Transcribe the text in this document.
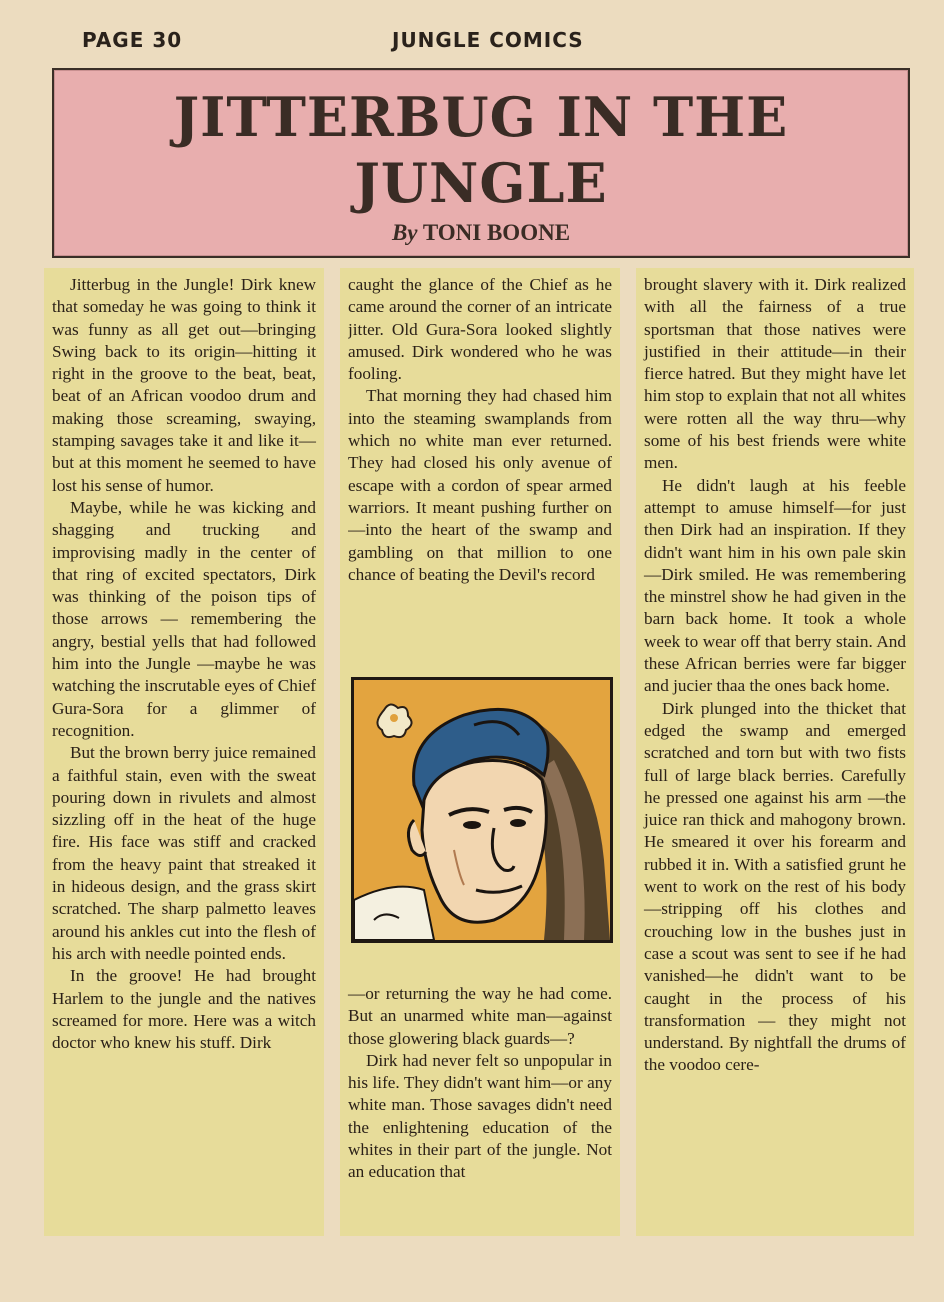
PAGE 30	JUNGLE COMICS
JITTERBUG IN THE
JUNGLE
By TONI BOONE

Jitterbug in the Jungle! Dirk knew that someday he was going to think it was funny as all get out—bringing Swing back to its origin—hitting it right in the groove to the beat, beat, beat of an African voodoo drum and making those screaming, swaying, stamping savages take it and like it—but at this moment he seemed to have lost his sense of humor.

Maybe, while he was kicking and shagging and trucking and improvising madly in the center of that ring of excited spectators, Dirk was thinking of the poison tips of those arrows — remembering the angry, bestial yells that had followed him into the Jungle —maybe he was watching the inscrutable eyes of Chief Gura-Sora for a glimmer of recognition.

But the brown berry juice remained a faithful stain, even with the sweat pouring down in rivulets and almost sizzling off in the heat of the huge fire. His face was stiff and cracked from the heavy paint that streaked it in hideous design, and the grass skirt scratched. The sharp palmetto leaves around his ankles cut into the flesh of his arch with needle pointed ends.

In the groove! He had brought Harlem to the jungle and the natives screamed for more. Here was a witch doctor who knew his stuff. Dirk

caught the glance of the Chief as he came around the corner of an intricate jitter. Old Gura-Sora looked slightly amused. Dirk wondered who he was fooling.

That morning they had chased him into the steaming swamplands from which no white man ever returned. They had closed his only avenue of escape with a cordon of spear armed warriors. It meant pushing further on—into the heart of the swamp and gambling on that million to one chance of beating the Devil's record

—or returning the way he had come. But an unarmed white man—against those glowering black guards—?

Dirk had never felt so unpopular in his life. They didn't want him—or any white man. Those savages didn't need the enlightening education of the whites in their part of the jungle. Not an education that

brought slavery with it. Dirk realized with all the fairness of a true sportsman that those natives were justified in their attitude—in their fierce hatred. But they might have let him stop to explain that not all whites were rotten all the way thru—why some of his best friends were white men.

He didn't laugh at his feeble attempt to amuse himself—for just then Dirk had an inspiration. If they didn't want him in his own pale skin —Dirk smiled. He was remembering the minstrel show he had given in the barn back home. It took a whole week to wear off that berry stain. And these African berries were far bigger and jucier thaa the ones back home.

Dirk plunged into the thicket that edged the swamp and emerged scratched and torn but with two fists full of large black berries. Carefully he pressed one against his arm —the juice ran thick and mahogony brown. He smeared it over his forearm and rubbed it in. With a satisfied grunt he went to work on the rest of his body—stripping off his clothes and crouching low in the bushes just in case a scout was sent to see if he had vanished—he didn't want to be caught in the process of his transformation — they might not understand. By nightfall the drums of the voodoo cere-
